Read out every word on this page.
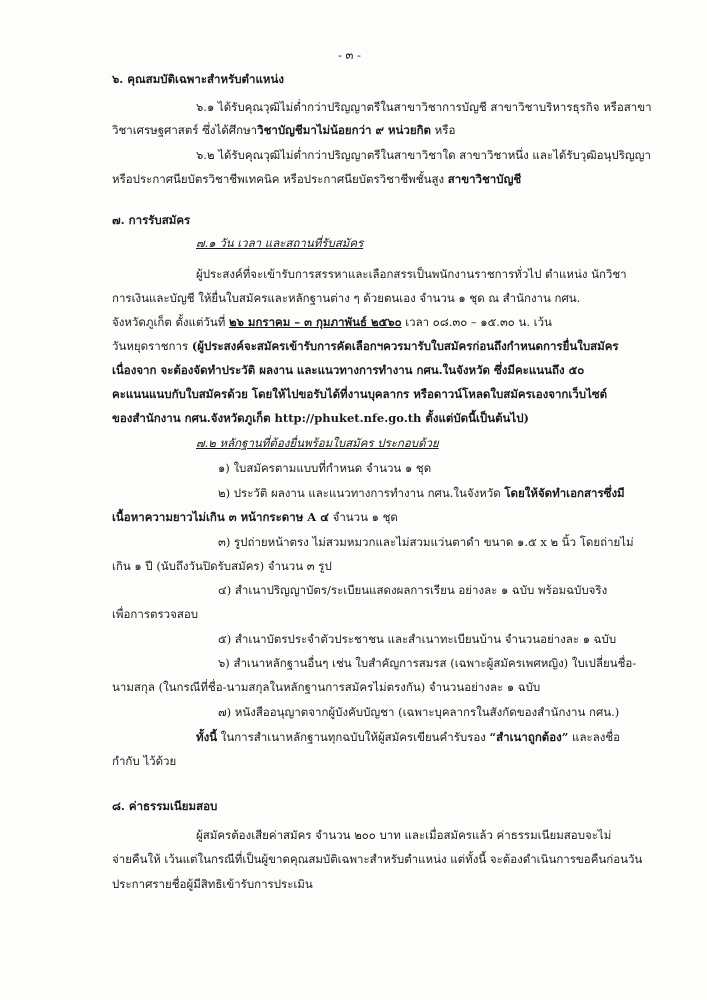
- ๓ -
๖. คุณสมบัติเฉพาะสำหรับตำแหน่ง
๖.๑ ได้รับคุณวุฒิไม่ต่ำกว่าปริญญาตรีในสาขาวิชาการบัญชี สาขาวิชาบริหารธุรกิจ หรือสาขา
วิชาเศรษฐศาสตร์ ซึ่งได้ศึกษาวิชาบัญชีมาไม่น้อยกว่า ๙ หน่วยกิต หรือ
๖.๒ ได้รับคุณวุฒิไม่ต่ำกว่าปริญญาตรีในสาขาวิชาใด สาขาวิชาหนึ่ง และได้รับวุฒิอนุปริญญา
หรือประกาศนียบัตรวิชาชีพเทคนิค หรือประกาศนียบัตรวิชาชีพชั้นสูง สาขาวิชาบัญชี
๗. การรับสมัคร
๗.๑ วัน เวลา และสถานที่รับสมัคร
ผู้ประสงค์ที่จะเข้ารับการสรรหาและเลือกสรรเป็นพนักงานราชการทั่วไป ตำแหน่ง นักวิชา
การเงินและบัญชี ให้ยื่นใบสมัครและหลักฐานต่าง ๆ ด้วยตนเอง จำนวน ๑ ชุด ณ สำนักงาน กศน.
จังหวัดภูเก็ต ตั้งแต่วันที่ ๒๖ มกราคม – ๓ กุมภาพันธ์ ๒๕๖๐ เวลา ๐๘.๓๐ – ๑๕.๓๐ น. เว้น
วันหยุดราชการ (ผู้ประสงค์จะสมัครเข้ารับการคัดเลือกฯควรมารับใบสมัครก่อนถึงกำหนดการยื่นใบสมัคร
เนื่องจาก จะต้องจัดทำประวัติ ผลงาน และแนวทางการทำงาน กศน.ในจังหวัด ซึ่งมีคะแนนถึง ๕๐
คะแนนแนบกับใบสมัครด้วย โดยให้ไปขอรับได้ที่งานบุคลากร หรือดาวน์โหลดใบสมัครเองจากเว็บไซต์
ของสำนักงาน กศน.จังหวัดภูเก็ต http://phuket.nfe.go.th ตั้งแต่บัดนี้เป็นต้นไป)
๗.๒ หลักฐานที่ต้องยื่นพร้อมใบสมัคร ประกอบด้วย
๑) ใบสมัครตามแบบที่กำหนด จำนวน ๑ ชุด
๒) ประวัติ ผลงาน และแนวทางการทำงาน กศน.ในจังหวัด โดยให้จัดทำเอกสารซึ่งมี
เนื้อหาความยาวไม่เกิน ๓ หน้ากระดาษ A ๔ จำนวน ๑ ชุด
๓) รูปถ่ายหน้าตรง ไม่สวมหมวกและไม่สวมแว่นตาดำ ขนาด ๑.๕ x ๒ นิ้ว โดยถ่ายไม่
เกิน ๑ ปี (นับถึงวันปิดรับสมัคร) จำนวน ๓ รูป
๔) สำเนาปริญญาบัตร/ระเบียนแสดงผลการเรียน อย่างละ ๑ ฉบับ พร้อมฉบับจริง
เพื่อการตรวจสอบ
๕) สำเนาบัตรประจำตัวประชาชน และสำเนาทะเบียนบ้าน จำนวนอย่างละ ๑ ฉบับ
๖) สำเนาหลักฐานอื่นๆ เช่น ใบสำคัญการสมรส (เฉพาะผู้สมัครเพศหญิง) ใบเปลี่ยนชื่อ-
นามสกุล (ในกรณีที่ชื่อ-นามสกุลในหลักฐานการสมัครไม่ตรงกัน) จำนวนอย่างละ ๑ ฉบับ
๗) หนังสืออนุญาตจากผู้บังคับบัญชา (เฉพาะบุคลากรในสังกัดของสำนักงาน กศน.)
ทั้งนี้ ในการสำเนาหลักฐานทุกฉบับให้ผู้สมัครเขียนคำรับรอง “สำเนาถูกต้อง” และลงชื่อ
กำกับ ไว้ด้วย
๘. ค่าธรรมเนียมสอบ
ผู้สมัครต้องเสียค่าสมัคร จำนวน ๒๐๐ บาท และเมื่อสมัครแล้ว ค่าธรรมเนียมสอบจะไม่
จ่ายคืนให้ เว้นแต่ในกรณีที่เป็นผู้ขาดคุณสมบัติเฉพาะสำหรับตำแหน่ง แต่ทั้งนี้ จะต้องดำเนินการขอคืนก่อนวัน
ประกาศรายชื่อผู้มีสิทธิเข้ารับการประเมิน
